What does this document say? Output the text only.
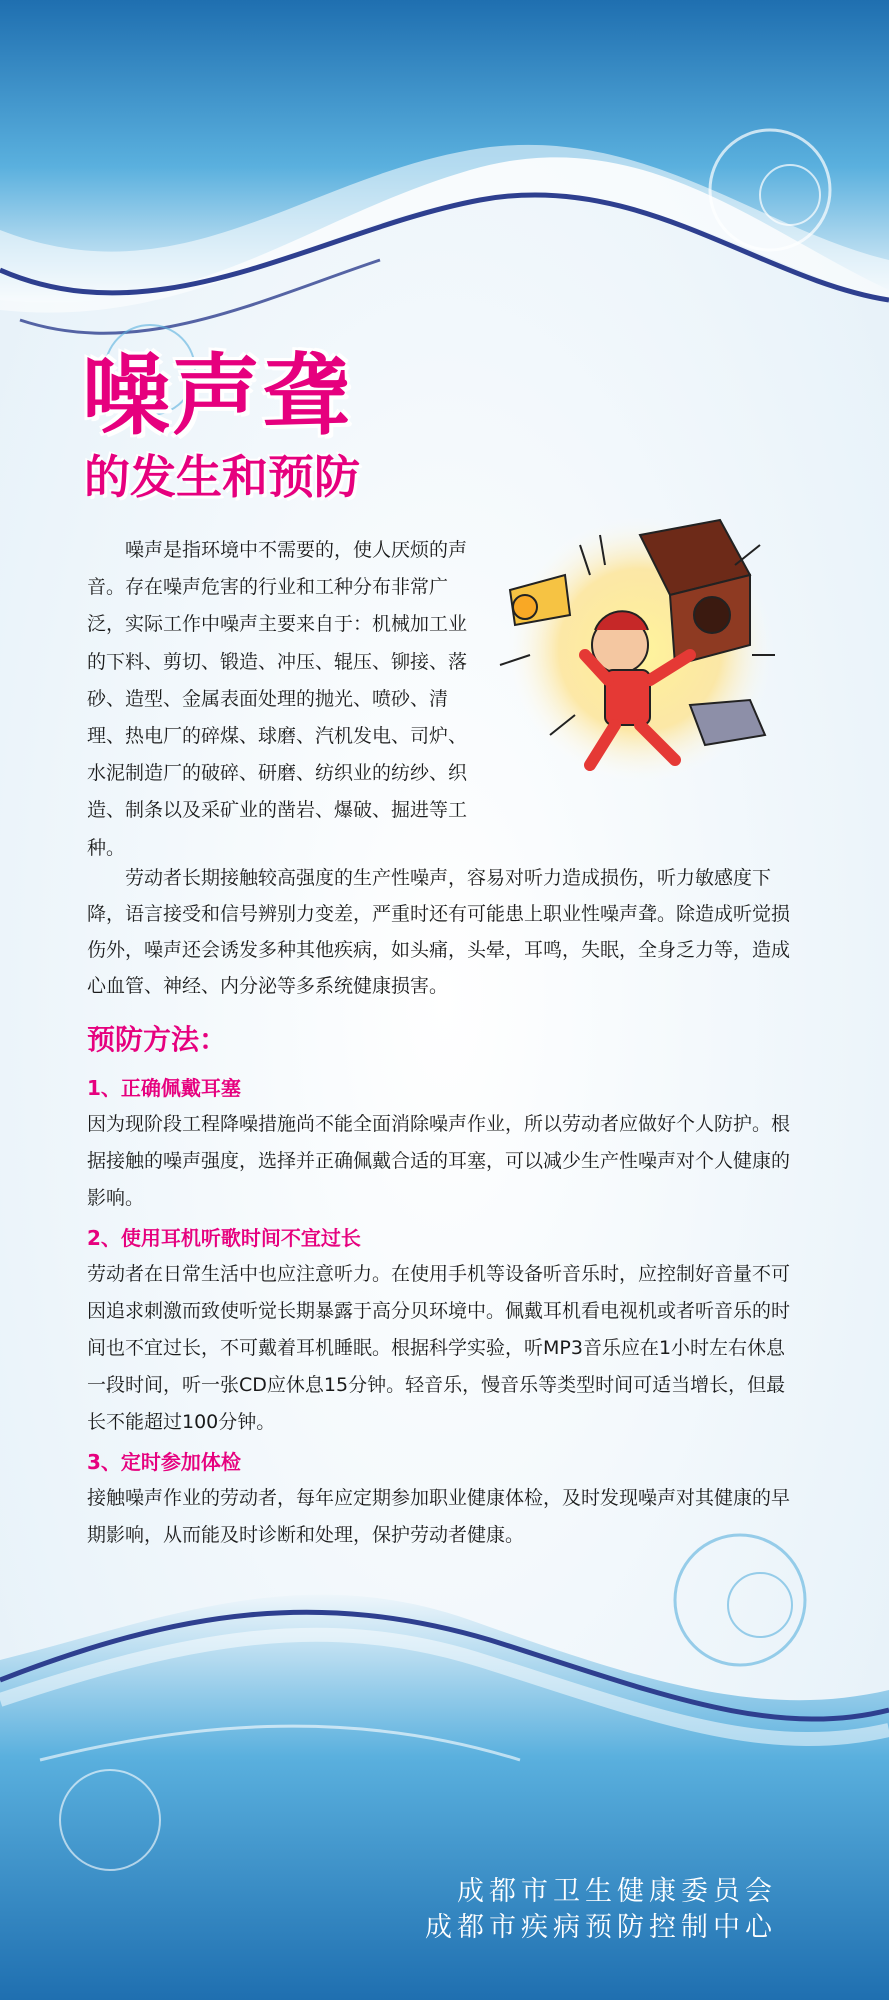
噪声聋
的发生和预防

噪声是指环境中不需要的，使人厌烦的声音。存在噪声危害的行业和工种分布非常广泛，实际工作中噪声主要来自于：机械加工业的下料、剪切、锻造、冲压、辊压、铆接、落砂、造型、金属表面处理的抛光、喷砂、清理、热电厂的碎煤、球磨、汽机发电、司炉、水泥制造厂的破碎、研磨、纺织业的纺纱、织造、制条以及采矿业的凿岩、爆破、掘进等工种。

劳动者长期接触较高强度的生产性噪声，容易对听力造成损伤，听力敏感度下降，语言接受和信号辨别力变差，严重时还有可能患上职业性噪声聋。除造成听觉损伤外，噪声还会诱发多种其他疾病，如头痛，头晕，耳鸣，失眠，全身乏力等，造成心血管、神经、内分泌等多系统健康损害。

预防方法：
1、正确佩戴耳塞

因为现阶段工程降噪措施尚不能全面消除噪声作业，所以劳动者应做好个人防护。根据接触的噪声强度，选择并正确佩戴合适的耳塞，可以减少生产性噪声对个人健康的影响。

2、使用耳机听歌时间不宜过长

劳动者在日常生活中也应注意听力。在使用手机等设备听音乐时，应控制好音量不可因追求刺激而致使听觉长期暴露于高分贝环境中。佩戴耳机看电视机或者听音乐的时间也不宜过长，不可戴着耳机睡眠。根据科学实验，听MP3音乐应在1小时左右休息一段时间，听一张CD应休息15分钟。轻音乐，慢音乐等类型时间可适当增长，但最长不能超过100分钟。

3、定时参加体检

接触噪声作业的劳动者，每年应定期参加职业健康体检，及时发现噪声对其健康的早期影响，从而能及时诊断和处理，保护劳动者健康。

成都市卫生健康委员会

成都市疾病预防控制中心
